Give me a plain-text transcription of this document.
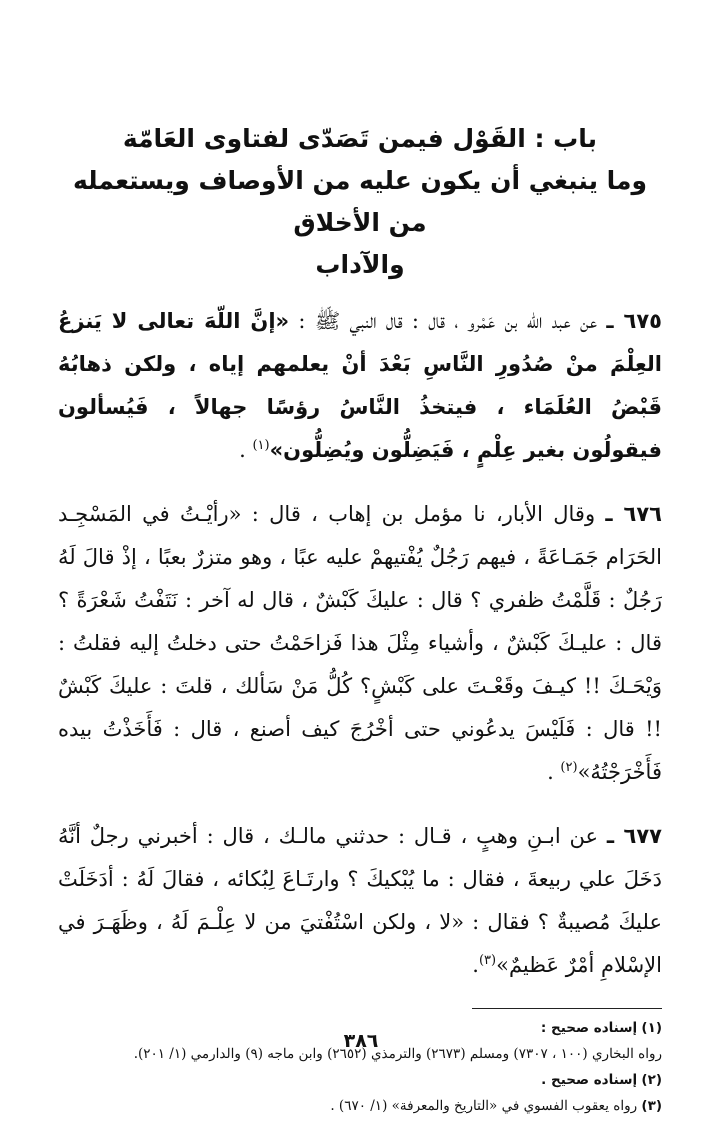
باب : القَوْل فيمن تَصَدّى لفتاوى العَامّة
وما ينبغي أن يكون عليه من الأوصاف ويستعمله من الأخلاق
والآداب

٦٧٥ ـ عن عبد الله بن عَمْرو ، قال : قال النبي ﷺ : «إنَّ اللّهَ تعالى لا يَنزعُ العِلْمَ منْ صُدُورِ النَّاسِ بَعْدَ أنْ يعلمهم إياه ، ولكن ذهابُهُ قَبْضُ العُلَمَاء ، فيتخذُ النَّاسُ رؤسًا جهالاً ، فَيُسألون فيقولُون بغير عِلْمٍ ، فَيَضِلُّون ويُضِلُّون»$^{(١)}$ .

٦٧٦ ـ وقال الأبار، نا مؤمل بن إهاب ، قال : «رأيْـتُ في المَسْجِـد الحَرَام جَمَـاعَةً ، فيهم رَجُلٌ يُفْتيهمْ عليه عبًا ، وهو متزرٌ بعبًا ، إذْ قالَ لَهُ رَجُلٌ : قَلَّمْتُ ظفري ؟ قال : عليكَ كَبْشٌ ، قال له آخر : نَتَفْتُ شَعْرَةً ؟ قال : عليـكَ كَبْشٌ ، وأشياء مِثْلَ هذا فَزاحَمْتُ حتى دخلتُ إليه فقلتُ : وَيْحَـكَ !! كيـفَ وقَعْـتَ على كَبْشٍ؟ كُلُّ مَنْ سَألك ، قلتَ : عليكَ كَبْشٌ !! قال : فَلَيْسَ يدعُوني حتى أخْرُجَ كيف أصنع ، قال : فَأَخَذْتُ بيده فَأَخْرَجْتُهُ»$^{(٢)}$ .

٦٧٧ ـ عن ابـنِ وهبٍ ، قـال : حدثني مالـك ، قال : أخبرني رجلٌ أنَّهُ دَخَلَ علي ربيعةَ ، فقال : ما يُبْكيكَ ؟ وارتَـاعَ لِبُكائه ، فقالَ لَهُ : أدَخَلَتْ عليكَ مُصيبةٌ ؟ فقال : «لا ، ولكن اسْتُفْتيَ من لا عِلْـمَ لَهُ ، وظَهَـرَ في الإسْلامِ أمْرٌ عَظيمٌ»$^{(٣)}$.

(١) إسناده صحيح :
رواه البخاري (١٠٠ ، ٧٣٠٧) ومسلم (٢٦٧٣) والترمذي (٢٦٥٢) وابن ماجه (٩) والدارمي (١/ ٢٠١).
(٢) إسناده صحيح .
(٣) رواه يعقوب الفسوي في «التاريخ والمعرفة» (١/ ٦٧٠) .
٣٨٦
